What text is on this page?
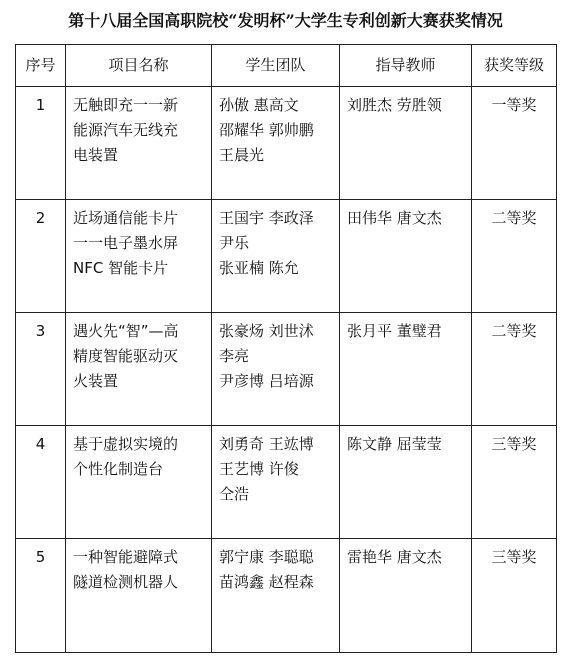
第十八届全国高职院校“发明杯”大学生专利创新大赛获奖情况
序号	项目名称	学生团队	指导教师	获奖等级

1	无触即充一一新
能源汽车无线充
电装置	孙傲 惠高文
邵耀华 郭帅鹏
王晨光	刘胜杰 劳胜领	一等奖

2	近场通信能卡片
一一电子墨水屏
NFC 智能卡片	王国宇 李政泽
尹乐
张亚楠 陈允	田伟华 唐文杰	二等奖

3	遇火先“智”—高
精度智能驱动灭
火装置	张豪炀 刘世沭
李亮
尹彦博 吕培源	张月平 董璧君	二等奖

4	基于虚拟实境的
个性化制造台	刘勇奇 王竑博
王艺博 许俊
仝浩	陈文静 屈莹莹	三等奖

5	一种智能避障式
隧道检测机器人	郭宁康 李聪聪
苗鸿鑫 赵程森	雷艳华 唐文杰	三等奖
